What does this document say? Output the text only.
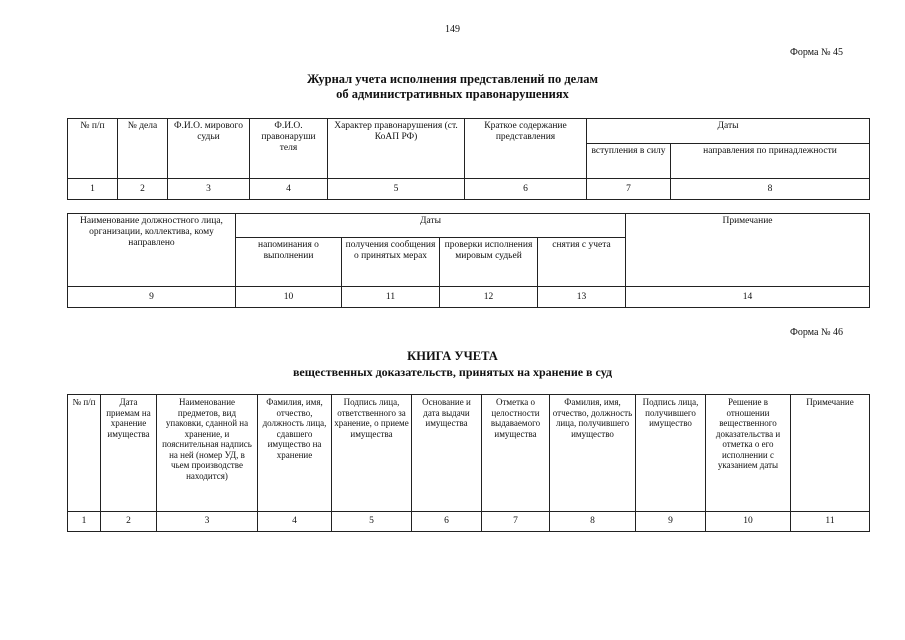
149
Форма № 45
Журнал учета исполнения представлений по делам
об административных правонарушениях
№ п/п	№ дела	Ф.И.О. мирового судьи	Ф.И.О. правонаруши теля	Характер правонарушения (ст. КоАП РФ)	Краткое содержание представления	Даты	
						вступления в силу	направления по принадлежности
1	2	3	4	5	6	7	8
Наименование должностного лица, организации, коллектива, кому направлено	Даты				Примечание
	напоминания о выполнении	получения сообщения о принятых мерах	проверки исполнения мировым судьей	снятия с учета	
9	10	11	12	13	14
Форма № 46
КНИГА УЧЕТА
вещественных доказательств, принятых на хранение в суд
№ п/п	Дата приемам на хранение имущества	Наименование предметов, вид упаковки, сданной на хранение, и пояснительная надпись на ней (номер УД, в чьем производстве находится)	Фамилия, имя, отчество, должность лица, сдавшего имущество на хранение	Подпись лица, ответственного за хранение, о приеме имущества	Основание и дата выдачи имущества	Отметка о целостности выдаваемого имущества	Фамилия, имя, отчество, должность лица, получившего имущество	Подпись лица, получившего имущество	Решение в отношении вещественного доказательства и отметка о его исполнении с указанием даты	Примечание
1	2	3	4	5	6	7	8	9	10	11
